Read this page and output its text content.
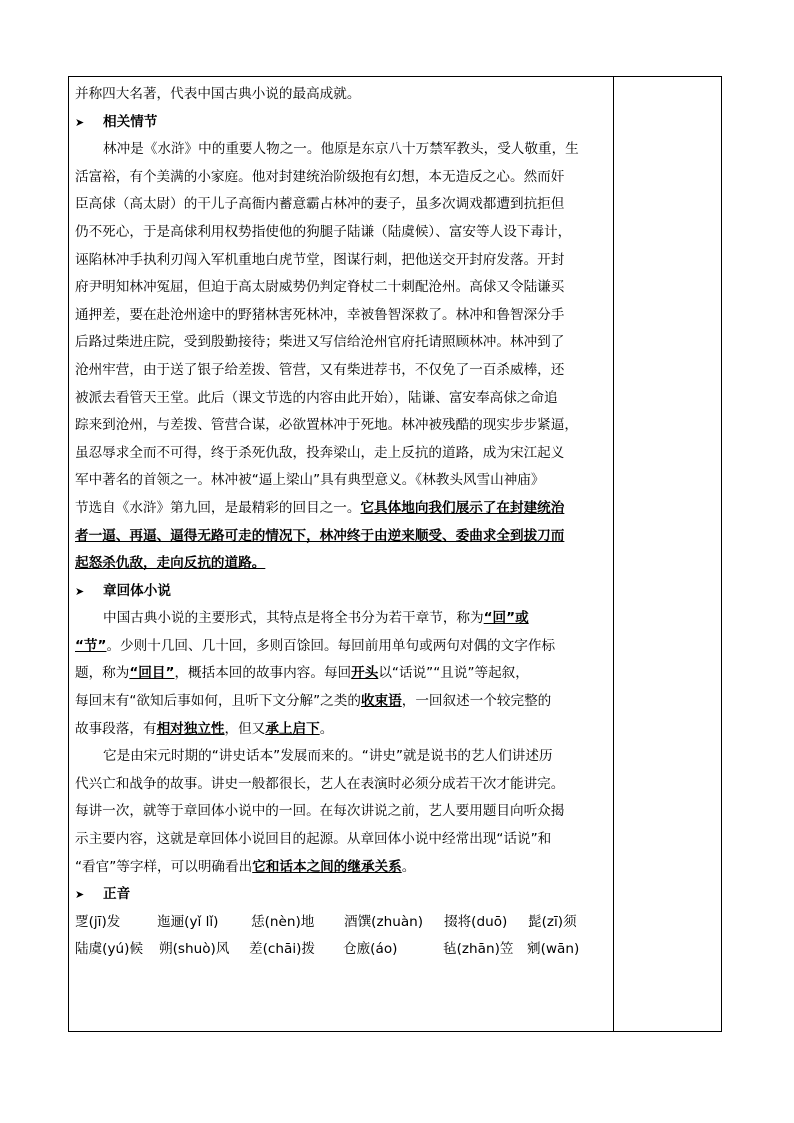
并称四大名著，代表中国古典小说的最高成就。
➤ 相关情节
林冲是《水浒》中的重要人物之一。他原是东京八十万禁军教头，受人敬重，生
活富裕，有个美满的小家庭。他对封建统治阶级抱有幻想，本无造反之心。然而奸
臣高俅（高太尉）的干儿子高衙内蓄意霸占林冲的妻子，虽多次调戏都遭到抗拒但
仍不死心，于是高俅利用权势指使他的狗腿子陆谦（陆虞候）、富安等人设下毒计，
诬陷林冲手执利刃闯入军机重地白虎节堂，图谋行刺，把他送交开封府发落。开封
府尹明知林冲冤屈，但迫于高太尉威势仍判定脊杖二十刺配沧州。高俅又令陆谦买
通押差，要在赴沧州途中的野猪林害死林冲，幸被鲁智深救了。林冲和鲁智深分手
后路过柴进庄院，受到殷勤接待；柴进又写信给沧州官府托请照顾林冲。林冲到了
沧州牢营，由于送了银子给差拨、管营，又有柴进荐书，不仅免了一百杀威棒，还
被派去看管天王堂。此后（课文节选的内容由此开始），陆谦、富安奉高俅之命追
踪来到沧州，与差拨、管营合谋，必欲置林冲于死地。林冲被残酷的现实步步紧逼，
虽忍辱求全而不可得，终于杀死仇敌，投奔梁山，走上反抗的道路，成为宋江起义
军中著名的首领之一。林冲被“逼上梁山”具有典型意义。《林教头风雪山神庙》
节选自《水浒》第九回，是最精彩的回目之一。它具体地向我们展示了在封建统治
者一逼、再逼、逼得无路可走的情况下，林冲终于由逆来顺受、委曲求全到拔刀而
起怒杀仇敌，走向反抗的道路。
➤ 章回体小说
中国古典小说的主要形式，其特点是将全书分为若干章节，称为“回”或
“节”。少则十几回、几十回，多则百馀回。每回前用单句或两句对偶的文字作标
题，称为“回目”，概括本回的故事内容。每回开头以“话说”“且说”等起叙，
每回末有“欲知后事如何，且听下文分解”之类的收束语，一回叙述一个较完整的
故事段落，有相对独立性，但又承上启下。
它是由宋元时期的“讲史话本”发展而来的。“讲史”就是说书的艺人们讲述历
代兴亡和战争的故事。讲史一般都很长，艺人在表演时必须分成若干次才能讲完。
每讲一次，就等于章回体小说中的一回。在每次讲说之前，艺人要用题目向听众揭
示主要内容，这就是章回体小说回目的起源。从章回体小说中经常出现“话说”和
“看官”等字样，可以明确看出它和话本之间的继承关系。
➤ 正音
覂(jī)发	迤逦(yǐ lǐ)	恁(nèn)地	酒馔(zhuàn)	掇将(duō)	髭(zī)须
陆虞(yú)候	朔(shuò)风	差(chāi)拨	仓廒(áo)	毡(zhān)笠 剜(wān)
